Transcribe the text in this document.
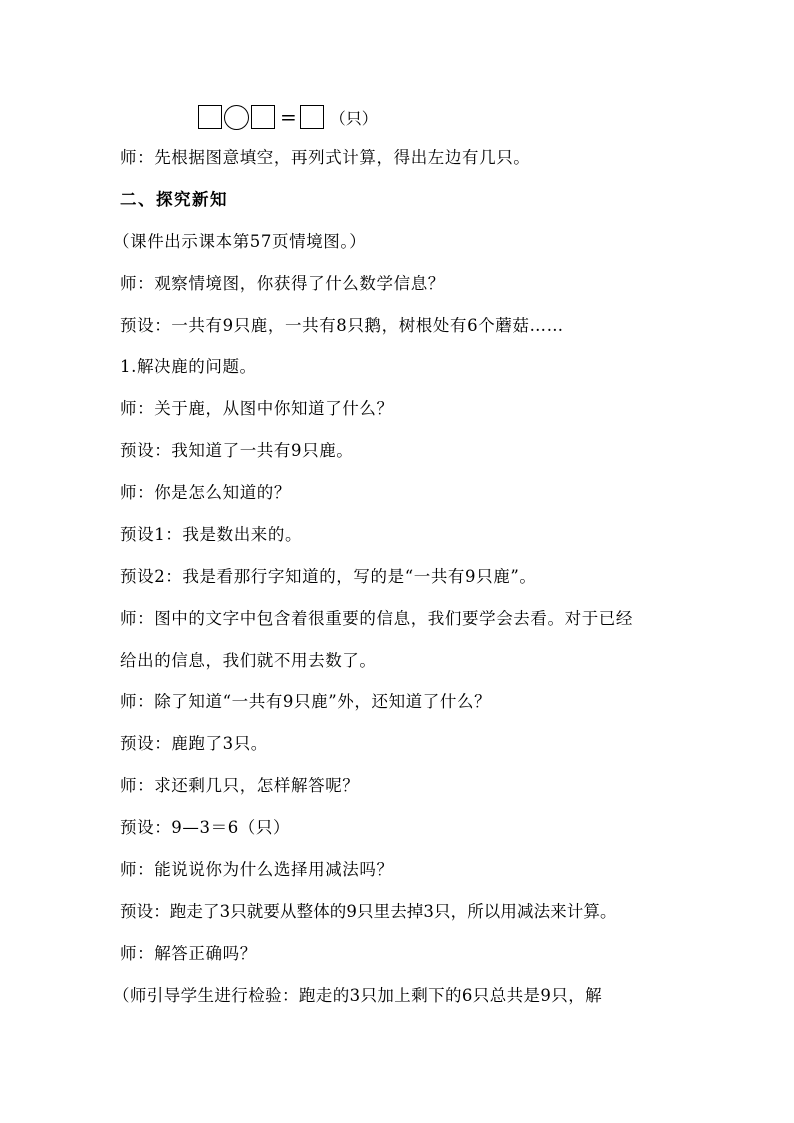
= （只）
师：先根据图意填空，再列式计算，得出左边有几只。
二、探究新知
（课件出示课本第57页情境图。）
师：观察情境图，你获得了什么数学信息？
预设：一共有9只鹿，一共有8只鹅，树根处有6个蘑菇……
1.解决鹿的问题。
师：关于鹿，从图中你知道了什么？
预设：我知道了一共有9只鹿。
师：你是怎么知道的？
预设1：我是数出来的。
预设2：我是看那行字知道的，写的是“一共有9只鹿”。
师：图中的文字中包含着很重要的信息，我们要学会去看。对于已经
给出的信息，我们就不用去数了。
师：除了知道“一共有9只鹿”外，还知道了什么？
预设：鹿跑了3只。
师：求还剩几只，怎样解答呢？
预设：9—3＝6（只）
师：能说说你为什么选择用减法吗？
预设：跑走了3只就要从整体的9只里去掉3只，所以用减法来计算。
师：解答正确吗？
（师引导学生进行检验：跑走的3只加上剩下的6只总共是9只，解
